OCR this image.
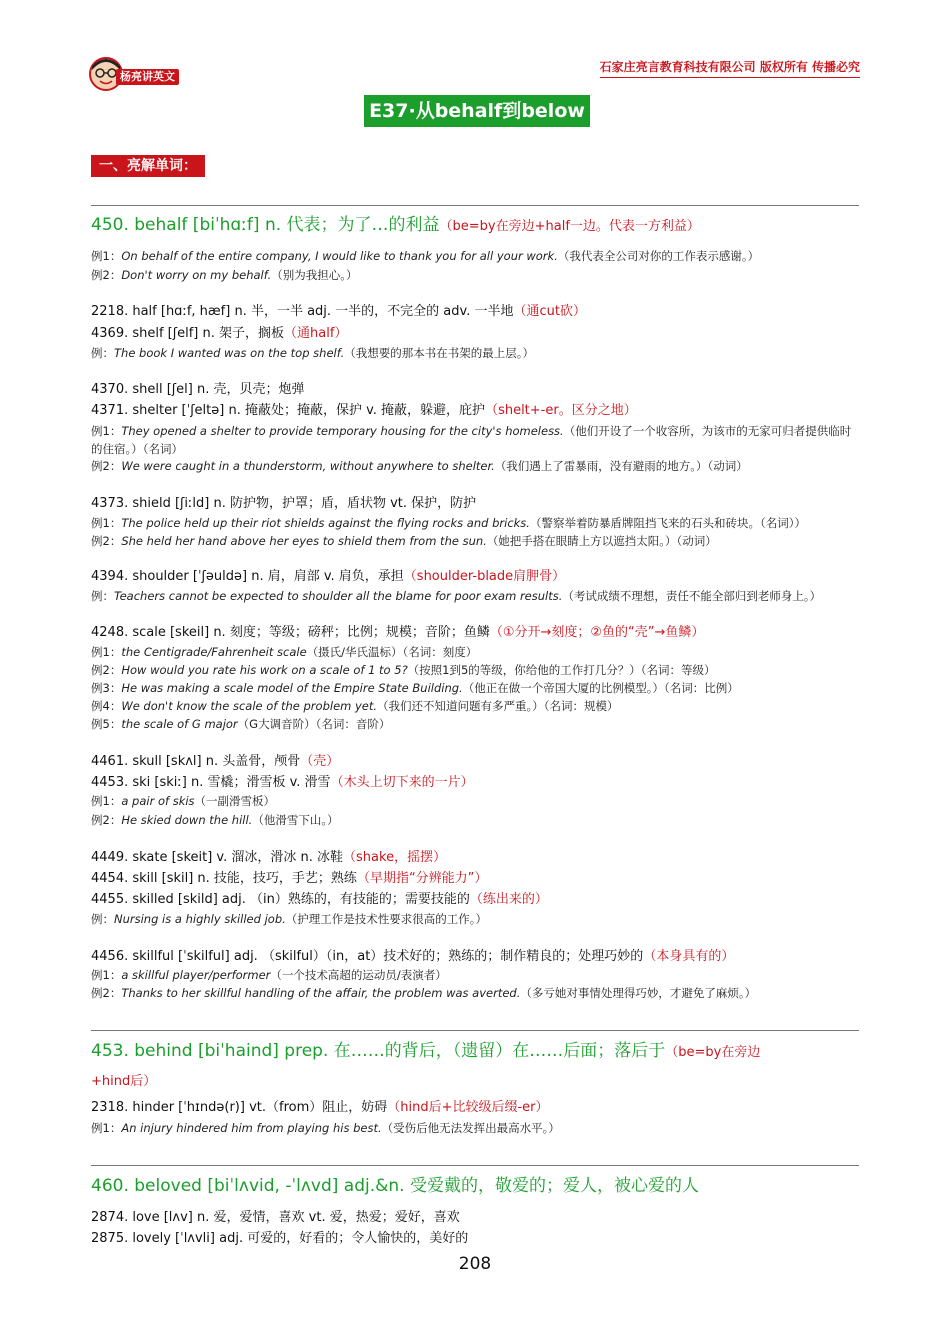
杨亮讲英文
石家庄亮言教育科技有限公司 版权所有 传播必究
E37·从behalf到below
一、亮解单词：
450. behalf [biˈhɑːf] n. 代表；为了…的利益（be=by在旁边+half一边。代表一方利益）
例1：On behalf of the entire company, I would like to thank you for all your work.（我代表全公司对你的工作表示感谢。）
例2：Don't worry on my behalf.（别为我担心。）
2218. half [hɑːf, hæf] n. 半，一半 adj. 一半的，不完全的 adv. 一半地（通cut砍）
4369. shelf [ʃelf] n. 架子，搁板（通half）
例：The book I wanted was on the top shelf.（我想要的那本书在书架的最上层。）
4370. shell [ʃel] n. 壳，贝壳；炮弹
4371. shelter [ˈʃeltə] n. 掩蔽处；掩蔽，保护 v. 掩蔽，躲避，庇护（shelt+-er。区分之地）
例1：They opened a shelter to provide temporary housing for the city's homeless.（他们开设了一个收容所，为该市的无家可归者提供临时的住宿。）（名词）
例2：We were caught in a thunderstorm, without anywhere to shelter.（我们遇上了雷暴雨，没有避雨的地方。）（动词）
4373. shield [ʃiːld] n. 防护物，护罩；盾，盾状物 vt. 保护，防护
例1：The police held up their riot shields against the flying rocks and bricks.（警察举着防暴盾牌阻挡飞来的石头和砖块。（名词））
例2：She held her hand above her eyes to shield them from the sun.（她把手搭在眼睛上方以遮挡太阳。）（动词）
4394. shoulder [ˈʃəuldə] n. 肩，肩部 v. 肩负，承担（shoulder-blade肩胛骨）
例：Teachers cannot be expected to shoulder all the blame for poor exam results.（考试成绩不理想，责任不能全部归到老师身上。）
4248. scale [skeil] n. 刻度；等级；磅秤；比例；规模；音阶；鱼鳞（①分开→刻度；②鱼的“壳”→鱼鳞）
例1：the Centigrade/Fahrenheit scale（摄氏/华氏温标）（名词：刻度）
例2：How would you rate his work on a scale of 1 to 5?（按照1到5的等级，你给他的工作打几分？）（名词：等级）
例3：He was making a scale model of the Empire State Building.（他正在做一个帝国大厦的比例模型。）（名词：比例）
例4：We don't know the scale of the problem yet.（我们还不知道问题有多严重。）（名词：规模）
例5：the scale of G major（G大调音阶）（名词：音阶）
4461. skull [skʌl] n. 头盖骨，颅骨（壳）
4453. ski [skiː] n. 雪橇；滑雪板 v. 滑雪（木头上切下来的一片）
例1：a pair of skis（一副滑雪板）
例2：He skied down the hill.（他滑雪下山。）
4449. skate [skeit] v. 溜冰，滑冰 n. 冰鞋（shake，摇摆）
4454. skill [skil] n. 技能，技巧，手艺；熟练（早期指“分辨能力”）
4455. skilled [skild] adj. （in）熟练的，有技能的；需要技能的（练出来的）
例：Nursing is a highly skilled job.（护理工作是技术性要求很高的工作。）
4456. skillful [ˈskilful] adj. （skilful）（in，at）技术好的；熟练的；制作精良的；处理巧妙的（本身具有的）
例1：a skillful player/performer（一个技术高超的运动员/表演者）
例2：Thanks to her skillful handling of the affair, the problem was averted.（多亏她对事情处理得巧妙，才避免了麻烦。）
453. behind [biˈhaind] prep. 在……的背后，（遗留）在……后面；落后于（be=by在旁边
+hind后）
2318. hinder [ˈhɪndə(r)] vt.（from）阻止，妨碍（hind后+比较级后缀-er）
例1：An injury hindered him from playing his best.（受伤后他无法发挥出最高水平。）
460. beloved [biˈlʌvid, -ˈlʌvd] adj.&n. 受爱戴的，敬爱的；爱人，被心爱的人
2874. love [lʌv] n. 爱，爱情，喜欢 vt. 爱，热爱；爱好，喜欢
2875. lovely [ˈlʌvli] adj. 可爱的，好看的；令人愉快的，美好的
208
